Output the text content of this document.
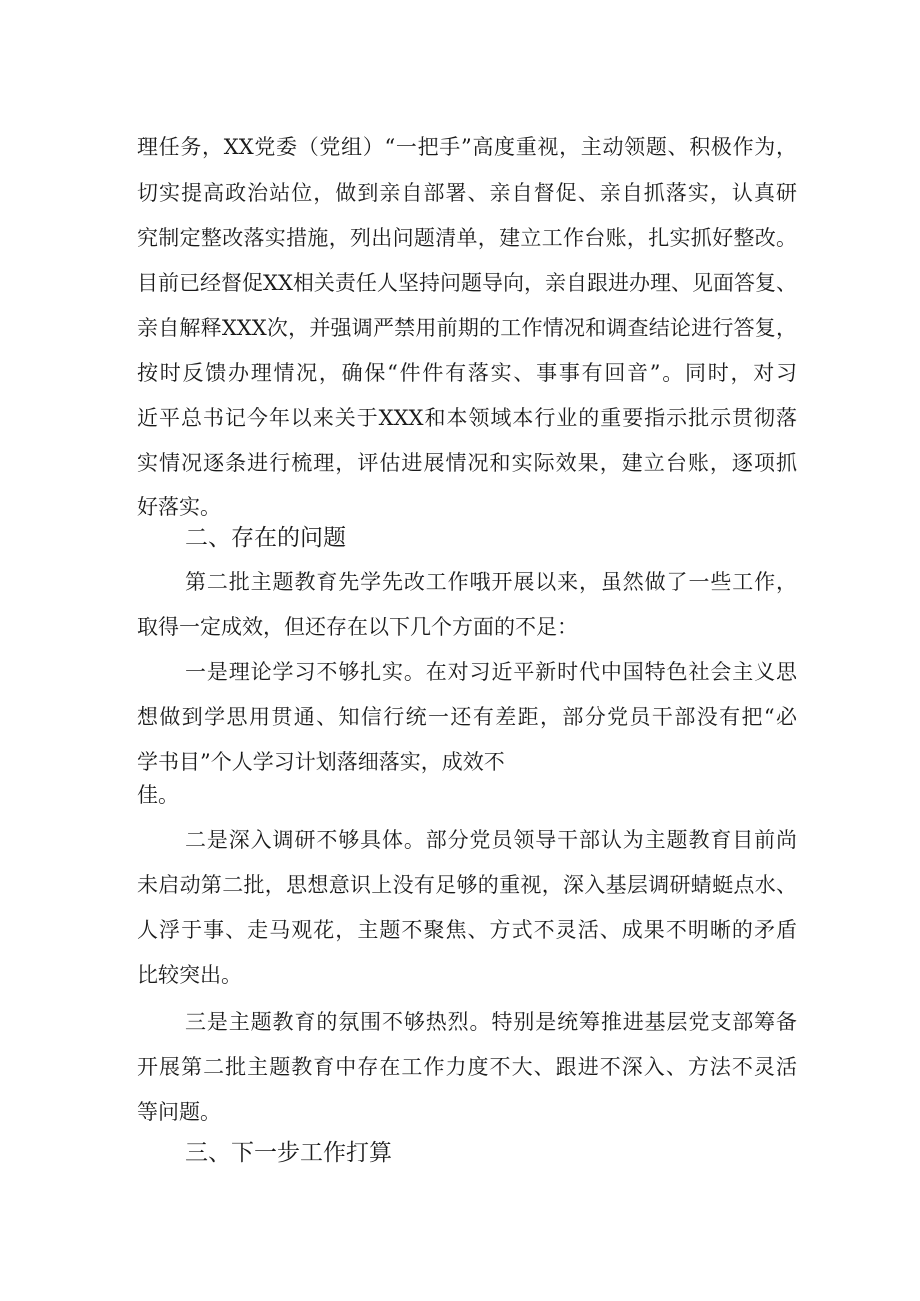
理任务，XX党委（党组）“一把手”高度重视，主动领题、积极作为，
切实提高政治站位，做到亲自部署、亲自督促、亲自抓落实，认真研
究制定整改落实措施，列出问题清单，建立工作台账，扎实抓好整改。
目前已经督促XX相关责任人坚持问题导向，亲自跟进办理、见面答复、
亲自解释XXX次，并强调严禁用前期的工作情况和调查结论进行答复，
按时反馈办理情况，确保“件件有落实、事事有回音”。同时，对习
近平总书记今年以来关于XXX和本领域本行业的重要指示批示贯彻落
实情况逐条进行梳理，评估进展情况和实际效果，建立台账，逐项抓
好落实。
二、存在的问题
第二批主题教育先学先改工作哦开展以来，虽然做了一些工作，
取得一定成效，但还存在以下几个方面的不足：
一是理论学习不够扎实。在对习近平新时代中国特色社会主义思
想做到学思用贯通、知信行统一还有差距，部分党员干部没有把“必
学书目”个人学习计划落细落实，成效不
佳。
二是深入调研不够具体。部分党员领导干部认为主题教育目前尚
未启动第二批，思想意识上没有足够的重视，深入基层调研蜻蜓点水、
人浮于事、走马观花，主题不聚焦、方式不灵活、成果不明晰的矛盾
比较突出。
三是主题教育的氛围不够热烈。特别是统筹推进基层党支部筹备
开展第二批主题教育中存在工作力度不大、跟进不深入、方法不灵活
等问题。
三、下一步工作打算
